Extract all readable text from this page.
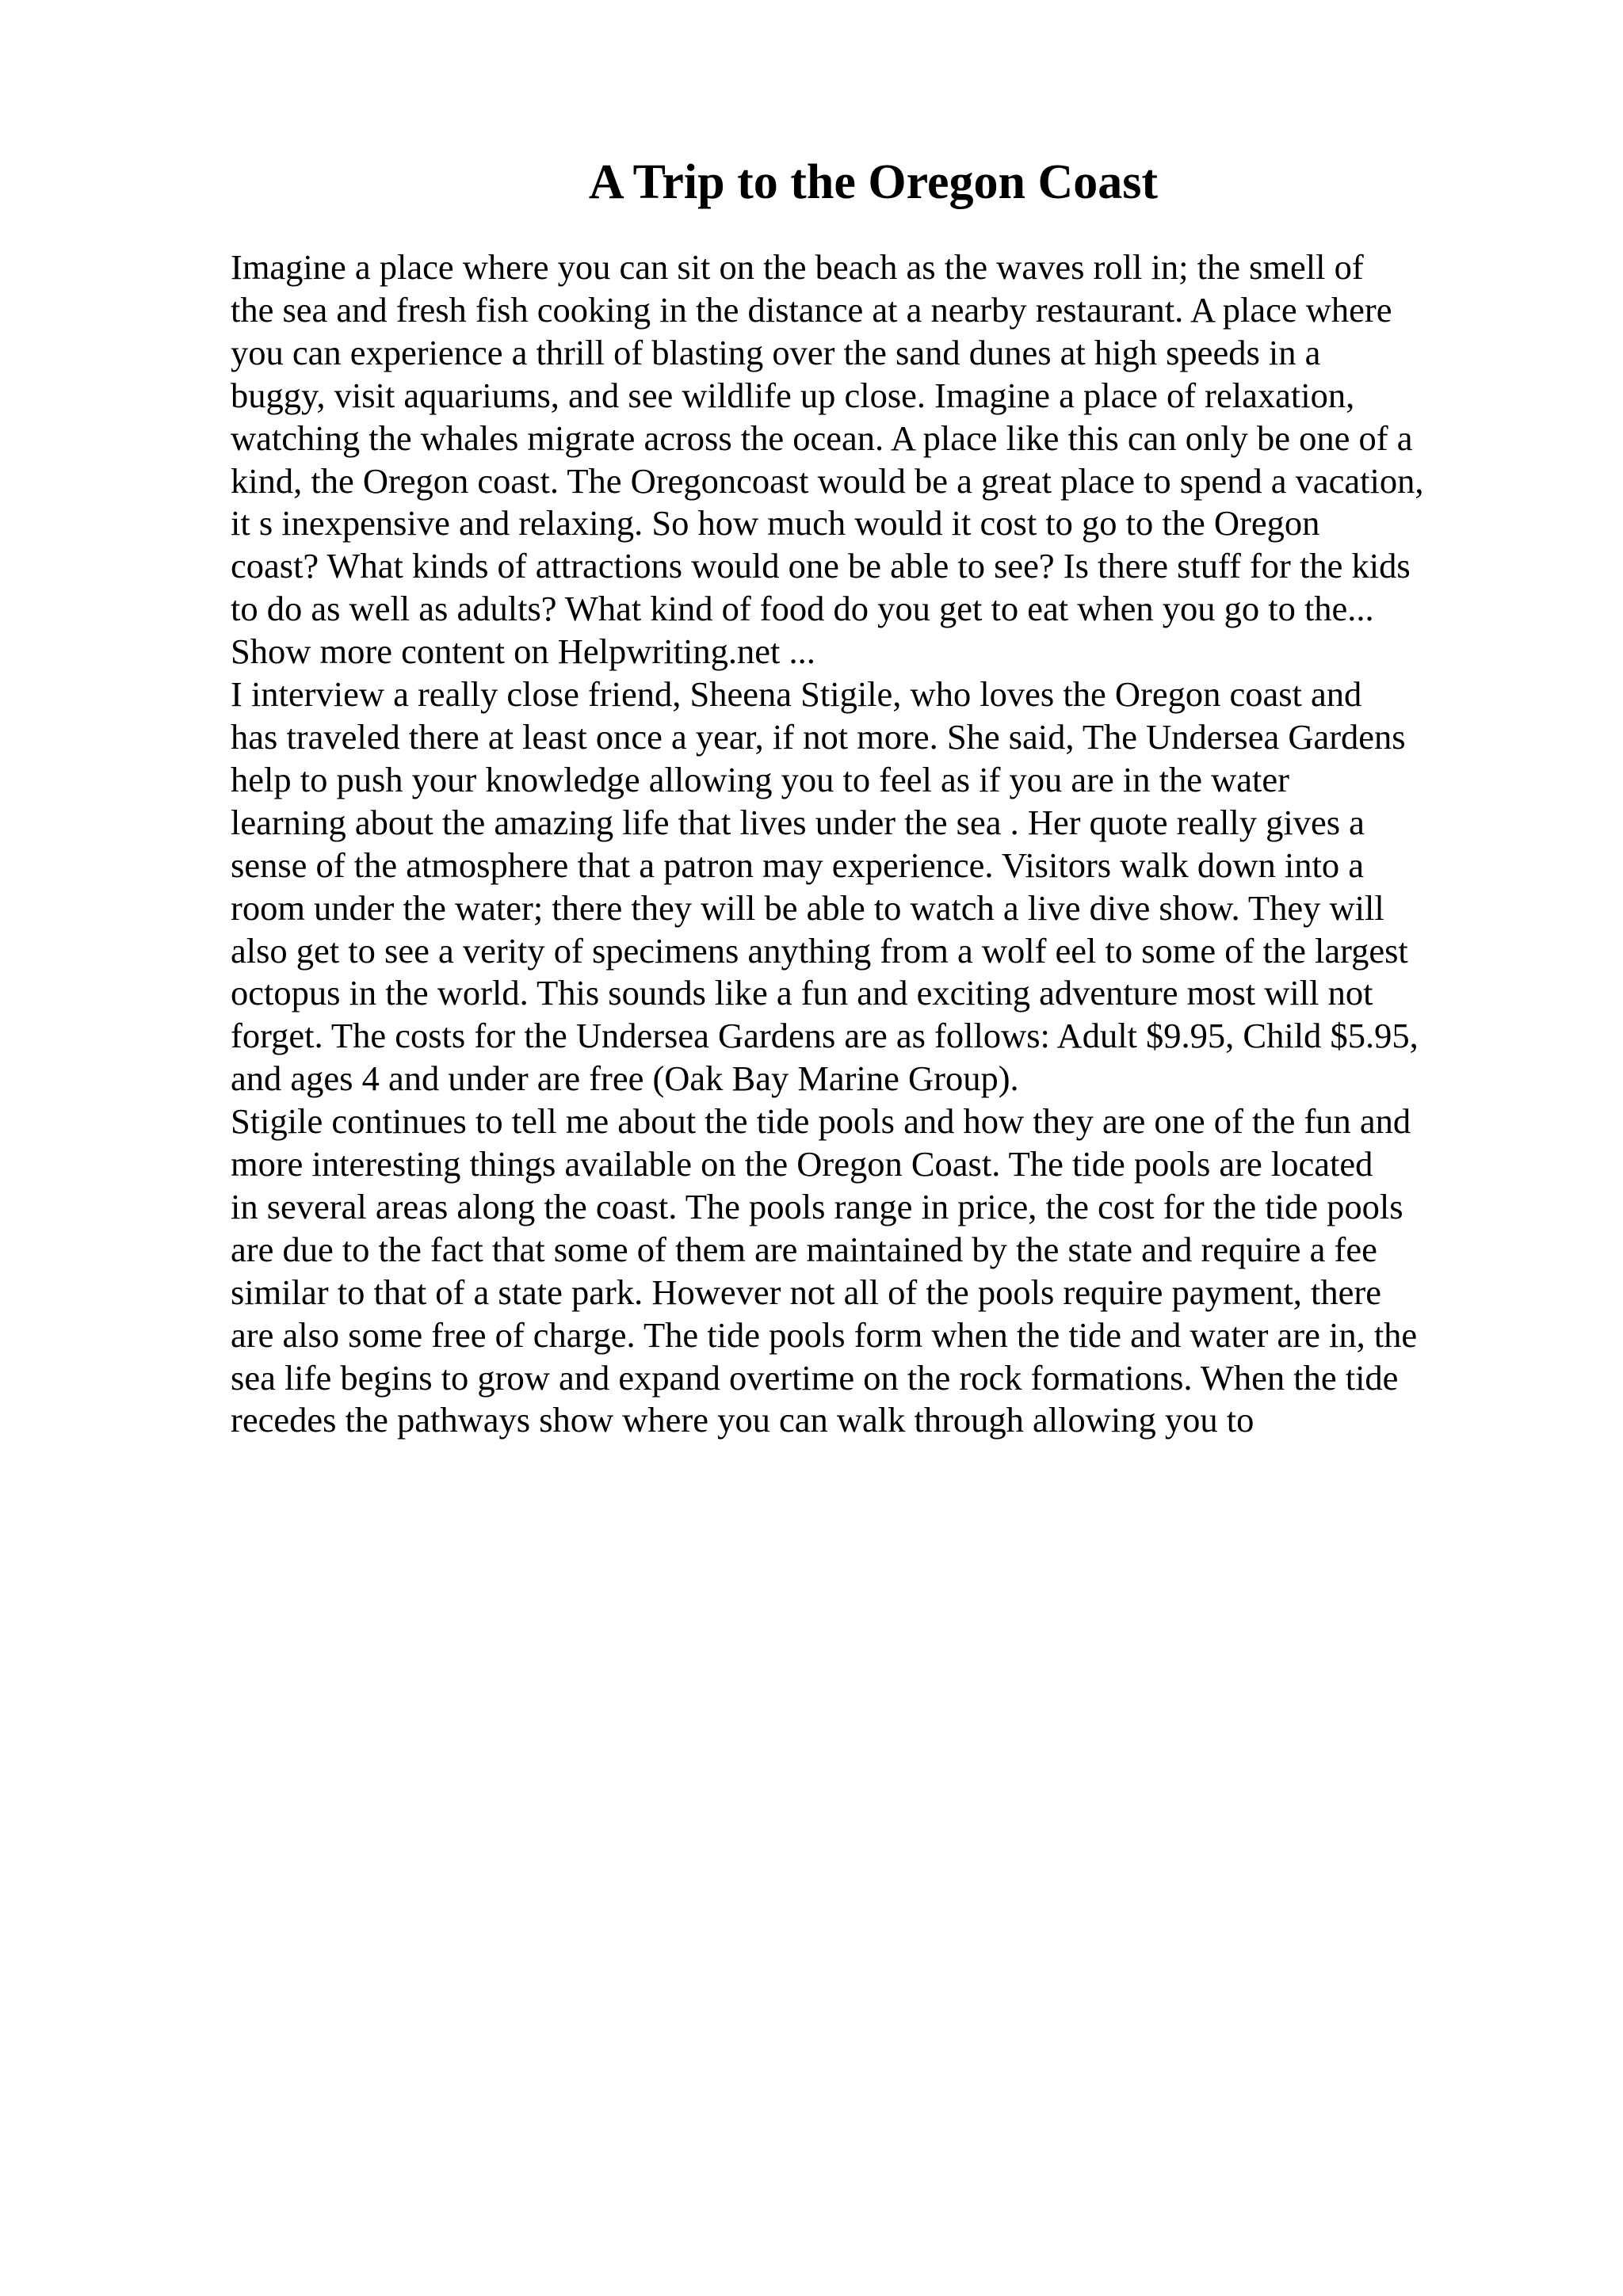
A Trip to the Oregon Coast
Imagine a place where you can sit on the beach as the waves roll in; the smell of
the sea and fresh fish cooking in the distance at a nearby restaurant. A place where
you can experience a thrill of blasting over the sand dunes at high speeds in a
buggy, visit aquariums, and see wildlife up close. Imagine a place of relaxation,
watching the whales migrate across the ocean. A place like this can only be one of a
kind, the Oregon coast. The Oregoncoast would be a great place to spend a vacation,
it s inexpensive and relaxing. So how much would it cost to go to the Oregon
coast? What kinds of attractions would one be able to see? Is there stuff for the kids
to do as well as adults? What kind of food do you get to eat when you go to the...
Show more content on Helpwriting.net ...
I interview a really close friend, Sheena Stigile, who loves the Oregon coast and
has traveled there at least once a year, if not more. She said, The Undersea Gardens
help to push your knowledge allowing you to feel as if you are in the water
learning about the amazing life that lives under the sea . Her quote really gives a
sense of the atmosphere that a patron may experience. Visitors walk down into a
room under the water; there they will be able to watch a live dive show. They will
also get to see a verity of specimens anything from a wolf eel to some of the largest
octopus in the world. This sounds like a fun and exciting adventure most will not
forget. The costs for the Undersea Gardens are as follows: Adult $9.95, Child $5.95,
and ages 4 and under are free (Oak Bay Marine Group).
Stigile continues to tell me about the tide pools and how they are one of the fun and
more interesting things available on the Oregon Coast. The tide pools are located
in several areas along the coast. The pools range in price, the cost for the tide pools
are due to the fact that some of them are maintained by the state and require a fee
similar to that of a state park. However not all of the pools require payment, there
are also some free of charge. The tide pools form when the tide and water are in, the
sea life begins to grow and expand overtime on the rock formations. When the tide
recedes the pathways show where you can walk through allowing you to
